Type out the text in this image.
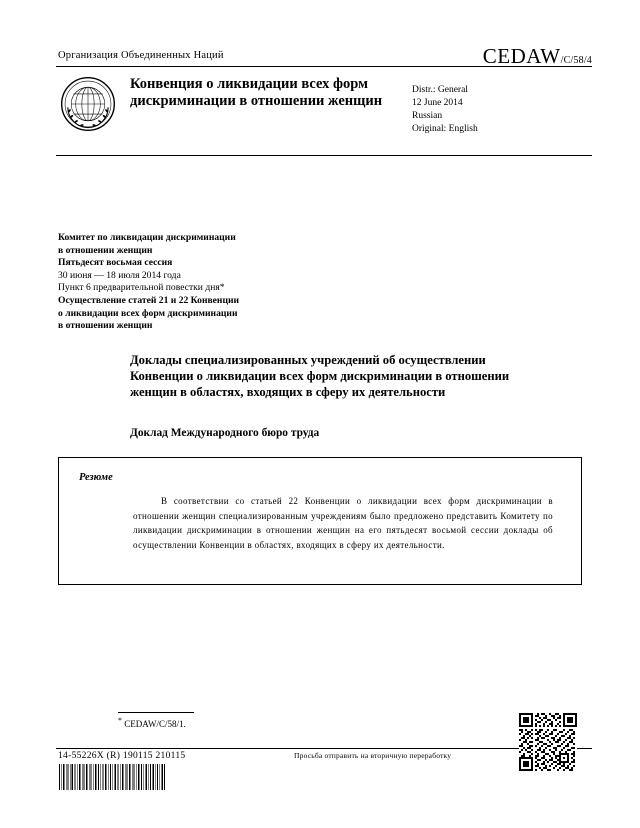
Организация Объединенных Наций	CEDAW/C/58/4
Конвенция о ликвидации всех форм дискриминации в отношении женщин
Distr.: General
12 June 2014
Russian
Original: English
Комитет по ликвидации дискриминации
в отношении женщин
Пятьдесят восьмая сессия
30 июня — 18 июля 2014 года
Пункт 6 предварительной повестки дня*
Осуществление статей 21 и 22 Конвенции
о ликвидации всех форм дискриминации
в отношении женщин
Доклады специализированных учреждений об осуществлении Конвенции о ликвидации всех форм дискриминации в отношении женщин в областях, входящих в сферу их деятельности
Доклад Международного бюро труда
Резюме
В соответствии со статьей 22 Конвенции о ликвидации всех форм дискриминации в отношении женщин специализированным учреждениям было предложено представить Комитету по ликвидации дискриминации в отношении женщин на его пятьдесят восьмой сессии доклады об осуществлении Конвенции в областях, входящих в сферу их деятельности.
* CEDAW/C/58/1.
14-55226X (R) 190115 210115	Просьба отправить на вторичную переработку
